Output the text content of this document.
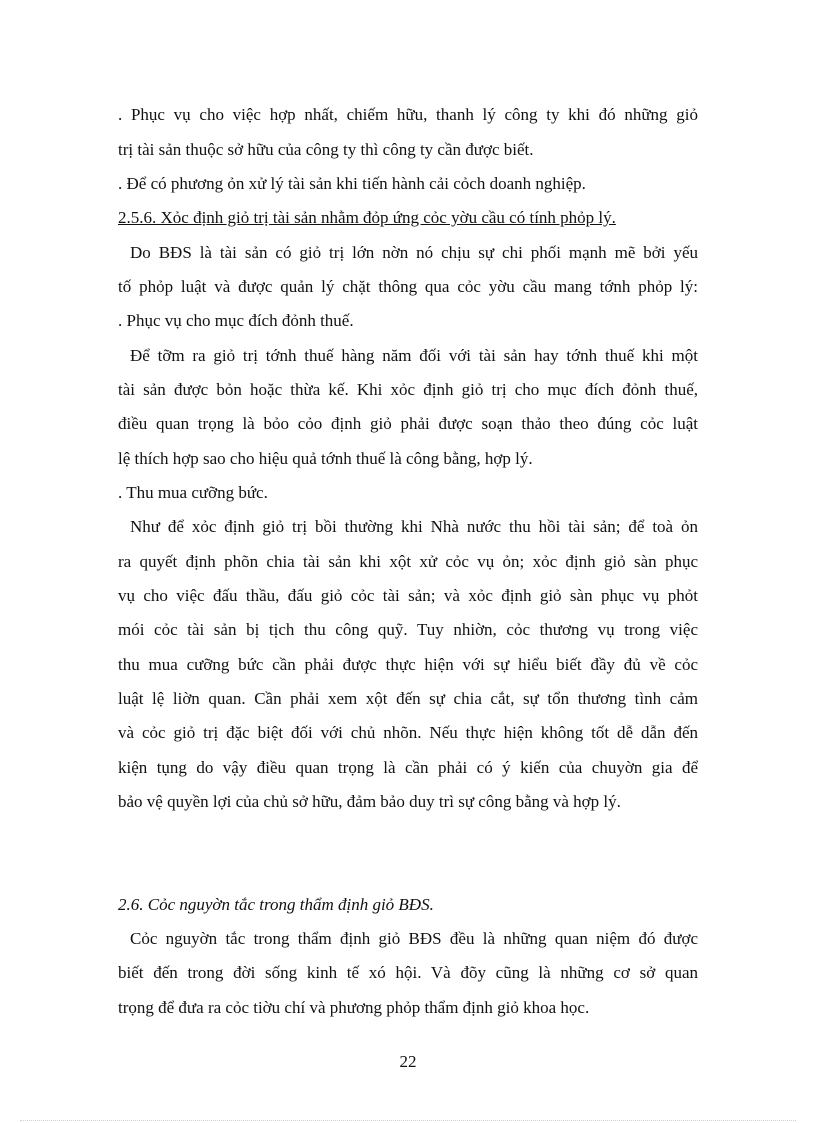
. Phục vụ cho việc hợp nhất, chiếm hữu, thanh lý công ty khi đó những giỏ
trị tài sản thuộc sở hữu của công ty thì công ty cần được biết.
. Để có phương ỏn xử lý tài sản khi tiến hành cải cỏch doanh nghiệp.
2.5.6. Xỏc định giỏ trị tài sản nhằm đỏp ứng cỏc yờu cầu có tính phỏp lý.
Do BĐS là tài sản có giỏ trị lớn nờn nó chịu sự chi phối mạnh mẽ bởi yếu
tố phỏp luật và được quản lý chặt thông qua cỏc yờu cầu mang tớnh phỏp lý:
. Phục vụ cho mục đích đỏnh thuế.
Để tỡm ra giỏ trị tớnh thuế hàng năm đối với tài sản hay tớnh thuế khi một
tài sản được bỏn hoặc thừa kế. Khi xỏc định giỏ trị cho mục đích đỏnh thuế,
điều quan trọng là bỏo cỏo định giỏ phải được soạn thảo theo đúng cỏc luật
lệ thích hợp sao cho hiệu quả tớnh thuế là công bằng, hợp lý.
. Thu mua cưỡng bức.
Như để xỏc định giỏ trị bồi thường khi Nhà nước thu hồi tài sản; để toà ỏn
ra quyết định phõn chia tài sản khi xột xử cỏc vụ ỏn; xỏc định giỏ sàn phục
vụ cho việc đấu thầu, đấu giỏ cỏc tài sản; và xỏc định giỏ sàn phục vụ phỏt
mói cỏc tài sản bị tịch thu công quỹ. Tuy nhiờn, cỏc thương vụ trong việc
thu mua cưỡng bức cần phải được thực hiện với sự hiểu biết đầy đủ về cỏc
luật lệ liờn quan. Cần phải xem xột đến sự chia cắt, sự tổn thương tình cảm
và cỏc giỏ trị đặc biệt đối với chủ nhõn. Nếu thực hiện không tốt dễ dẫn đến
kiện tụng do vậy điều quan trọng là cần phải có ý kiến của chuyờn gia để
bảo vệ quyền lợi của chủ sở hữu, đảm bảo duy trì sự công bằng và hợp lý.
2.6. Cỏc nguyờn tắc trong thẩm định giỏ BĐS.
Cỏc nguyờn tắc trong thẩm định giỏ BĐS đều là những quan niệm đó được
biết đến trong đời sống kinh tế xó hội. Và đõy cũng là những cơ sở quan
trọng để đưa ra cỏc tiờu chí và phương phỏp thẩm định giỏ khoa học.
22
